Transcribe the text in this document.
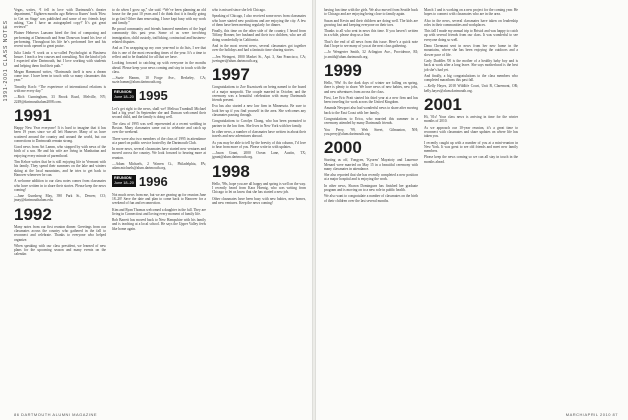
1991-2001 CLASS NOTES

Vegas, writes, “I fell in love with Dartmouth’s theater department,” Eighteen months ago Rebecca Kunes’ book 'How to Get on Stage' was published and some of my friends kept asking, 'Can I have an autographed copy?' It’s got great reviews!”

Plainer Hebrews Laasonn hired the first of composing and performing at Dartmouth and Sean Donovan found his love of performing. Throughout his life he’s performed live and his recent work opened to great praise.

Julia Linda “I work as a so-called Psychologist at Business Insure. I teach a few courses and consulting. Not the kind of job I expected after Dartmouth, but I love working with students and helping them find their path.”

Megan Hammond writes, “Dartmouth itself is now a dream come true. I have been in touch with so many classmates this year.”

Timothy Koch: “The experience of international relations is with me every day.”

—Rich Cunningham, 33 Brook Road, Melville, NY; 2249@dartmouthalum2008.com.

1991

Happy New Year everyone! It is hard to imagine that it has been 19 years since we all left Hanover. Many of us have scattered around the country and around the world, but our connections to Dartmouth remain strong.

Good news from Ari Lamm, who stopped by with news of the birth of a son. He and his wife are living in Manhattan and enjoying every minute of parenthood.

Tim Kehoe writes that he is still enjoying life in Vermont with his family. They spend their summers on the lake and winters skiing at the local mountains, and he tries to get back to Hanover whenever he can.

A welcome addition to our class notes comes from classmates who have written in to share their stories. Please keep the news coming!

—Jane Gunsberg May, 390 Park St., Denver, CO; jmay@dartmouthalum.edu.

1992

Many notes from our first reunion dinner. Greetings from our classmates across the country who gathered in the fall to reconnect and celebrate. Thanks to everyone who helped organize.

When speaking with our class president, we learned of new plans for the upcoming season and many events on the calendar.

to do when I grow up,” she said. “We’ve been planning an old house for the past 10 years and I do think that it is finally going to go fast! Other than renovating, I have kept busy with my work and family.”

Be proud community and friends honored members of the legal community this past year. Some of us were involving immigration, child custody, trafficking, contractual and business-related disputes.

And as I’m wrapping up my own year-end to do lists, I see that this is one of the most rewarding times of the year. It’s a time to reflect and to be thankful for all that we have.

Looking forward to catching up with everyone in the months ahead. Please keep your news coming and stay in touch with the class.

—Suzie Hamm, 10 Forge Ave., Berkeley, CA; suzie.hamm@alum.dartmouth.org.

REUNION
June 18–20 1995

Let’s get right to the news, shall we? Melissa Trumbull Michael had a big year! In September she and Duncan welcomed their second child, and the family is doing well.

The class of 1995 was well represented at a recent wedding in Boston. Many classmates came out to celebrate and catch up over the weekend.

There were also two members of the class of 1995 in attendance at a panel on public service hosted by the Dartmouth Club.

In more news, several classmates have started new ventures and moved across the country. We look forward to hearing more at reunion.

—Adam Michaels, 2 Warren Ct., Philadelphia, PA; adam.michaels@alum.dartmouth.org.

REUNION
June 18–20 1996

Not much news from me, but we are gearing up for reunion June 18–20! Save the date and plan to come back to Hanover for a weekend of fun and reconnection.

Kim and Ryan Thomas welcomed a daughter in the fall. They are living in Connecticut and loving every moment of family life.

Rob Barrett has moved back to New Hampshire with his family and is teaching at a local school. He says the Upper Valley feels like home again.

who is missed since she left Chicago.

Speaking of Chicago, I also received some news from classmates who have started new positions and are enjoying the city. A few of them have been meeting regularly for dinner.

Finally, this time on the other side of the country, I heard from Tiffany Bonner, her husband and their two children, who are all doing wonderfully in California.

And in the most recent news, several classmates got together over the holidays and had a fantastic time sharing stories.

—Jen Weingert, 1800 Market St., Apt. 3, San Francisco, CA; jweingert@alum.dartmouth.org.

1997

Congratulations to Zoe Kuzniczek on being named to the board of a major nonprofit. The couple married in October, and the ceremony was a beautiful celebration with many Dartmouth friends present.

Eva has also started a new law firm in Minnesota. Be sure to look her up if you find yourself in the area. She welcomes any classmates passing through.

Congratulations to Carolyn Chang, who has been promoted to partner in the law firm. She lives in New York with her family.

In other news, a number of classmates have written in about their travels and new adventures abroad.

As you may be able to tell by the brevity of this column, I’d love to hear from more of you. Please write in with updates.

—Jason Grant, 2000 Ocean Lane, Austin, TX; jgrant@alum.dartmouth.org.

1998

Hello, '98s, hope you are all happy and spring is well on the way. I recently heard from Kara Hoenig, who was writing from Chicago to let us know that she has started a new job.

Other classmates have been busy with new babies, new homes, and new ventures. Keep the news coming!

86 DARTMOUTH ALUMNI MAGAZINE

having fun time with the girls. We also moved from Seattle back to Chicago and are enjoying being close to family again.

Susan and Kevin and their children are doing well. The kids are growing fast and keeping everyone on their toes.

Thanks to all who sent in news this time. If you haven’t written in a while, please drop us a line.

That’s the end of all news from this issue. Here’s a quick note that I hope to see many of you at the next class gathering.

—Jo Wengerter Smith, 32 Arlington Ave., Providence, RI; jo.smith@alum.dartmouth.org.

1999

Hello, '99s! As the dark days of winter are falling on spring, there is plenty to share. We have news of new babies, new jobs, and new adventures from across the class.

First, Lee Eric Pratt started his third year at a new firm and has been traveling for work across the United Kingdom.

Amanda Newport also had wonderful news to share after moving back to the East Coast with her family.

Congratulations to Erica, who married this summer in a ceremony attended by many Dartmouth friends.

You Perry, '99, Web Street, Gilmanton, NH; you.perry@alum.dartmouth.org.

2000

Starting us off, Yongyen, 'Kyoren' Mayatoty and Laurence Menard were married on May 15 in a beautiful ceremony with many classmates in attendance.

She also reported that she has recently completed a new position at a major hospital and is enjoying the work.

In other news, Sharon Dominguez has finished her graduate program and is moving on to a new role in public health.

We also want to congratulate a number of classmates on the birth of their children over the last several months.

March 1 and is working on a new project for the coming year. He hopes to connect with classmates who are in the area.

Also in the news, several classmates have taken on leadership roles in their communities and workplaces.

This fall I made my annual trip to Bristol and was happy to catch up with several friends from our class. It was wonderful to see everyone doing so well.

Dana Chennant sent in news from her new home in the mountains, where she has been enjoying the outdoors and a slower pace of life.

Carly Duddles '00 is the mother of a healthy baby boy and is back at work after a long leave. She says motherhood is the best job she’s had yet.

And finally, a big congratulations to the class members who completed marathons this past fall.

—Kelly Hayes, 2018 Wildlife Court, Unit B, Claremont, OR; kelly.hayes@alum.dartmouth.org.

2001

Hi, '01s! Your class news is arriving in time for the winter months of 2010.

As we approach our 10-year reunion, it’s a great time to reconnect with classmates and share updates on where life has taken you.

I recently caught up with a number of you at a mini-reunion in New York. It was great to see old friends and meet new family members.

Please keep the news coming so we can all stay in touch in the months ahead.

MARCH/APRIL 2010 87
